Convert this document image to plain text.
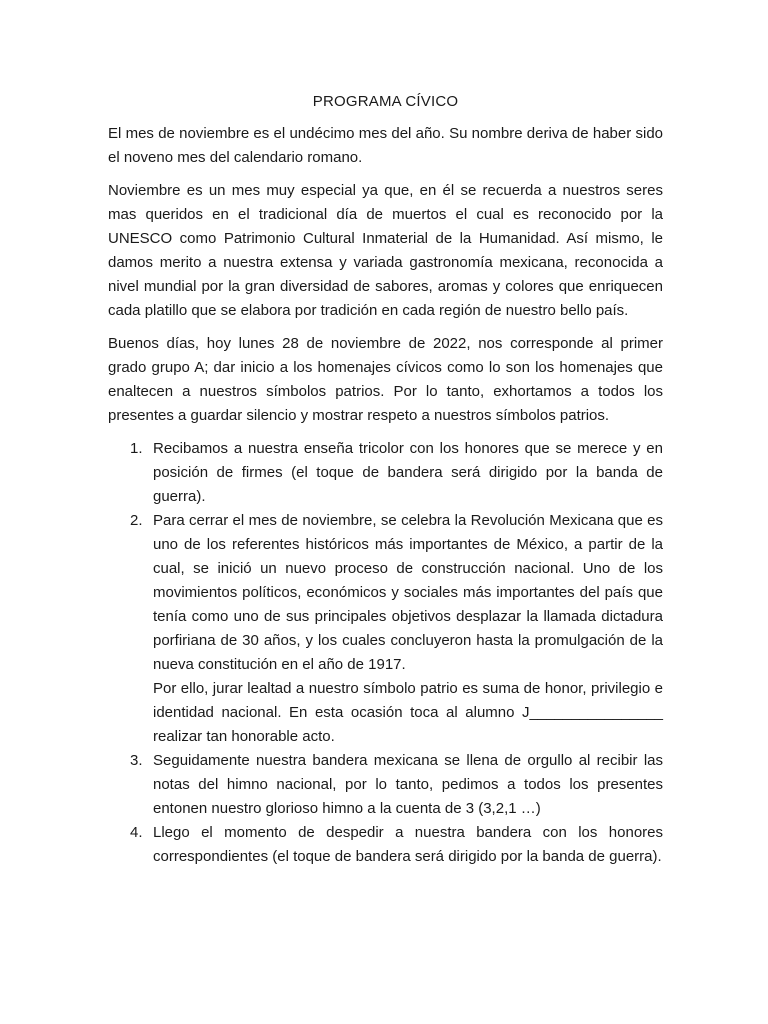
PROGRAMA CÍVICO

El mes de noviembre es el undécimo mes del año. Su nombre deriva de haber sido el noveno mes del calendario romano.

Noviembre es un mes muy especial ya que, en él se recuerda a nuestros seres mas queridos en el tradicional día de muertos el cual es reconocido por la UNESCO como Patrimonio Cultural Inmaterial de la Humanidad. Así mismo, le damos merito a nuestra extensa y variada gastronomía mexicana, reconocida a nivel mundial por la gran diversidad de sabores, aromas y colores que enriquecen cada platillo que se elabora por tradición en cada región de nuestro bello país.

Buenos días, hoy lunes 28 de noviembre de 2022, nos corresponde al primer grado grupo A; dar inicio a los homenajes cívicos como lo son los homenajes que enaltecen a nuestros símbolos patrios. Por lo tanto, exhortamos a todos los presentes a guardar silencio y mostrar respeto a nuestros símbolos patrios.

1. Recibamos a nuestra enseña tricolor con los honores que se merece y en posición de firmes (el toque de bandera será dirigido por la banda de guerra).
2. Para cerrar el mes de noviembre, se celebra la Revolución Mexicana que es uno de los referentes históricos más importantes de México, a partir de la cual, se inició un nuevo proceso de construcción nacional. Uno de los movimientos políticos, económicos y sociales más importantes del país que tenía como uno de sus principales objetivos desplazar la llamada dictadura porfiriana de 30 años, y los cuales concluyeron hasta la promulgación de la nueva constitución en el año de 1917.
Por ello, jurar lealtad a nuestro símbolo patrio es suma de honor, privilegio e identidad nacional. En esta ocasión toca al alumno J________________ realizar tan honorable acto.
3. Seguidamente nuestra bandera mexicana se llena de orgullo al recibir las notas del himno nacional, por lo tanto, pedimos a todos los presentes entonen nuestro glorioso himno a la cuenta de 3 (3,2,1 …)
4. Llego el momento de despedir a nuestra bandera con los honores correspondientes (el toque de bandera será dirigido por la banda de guerra).
